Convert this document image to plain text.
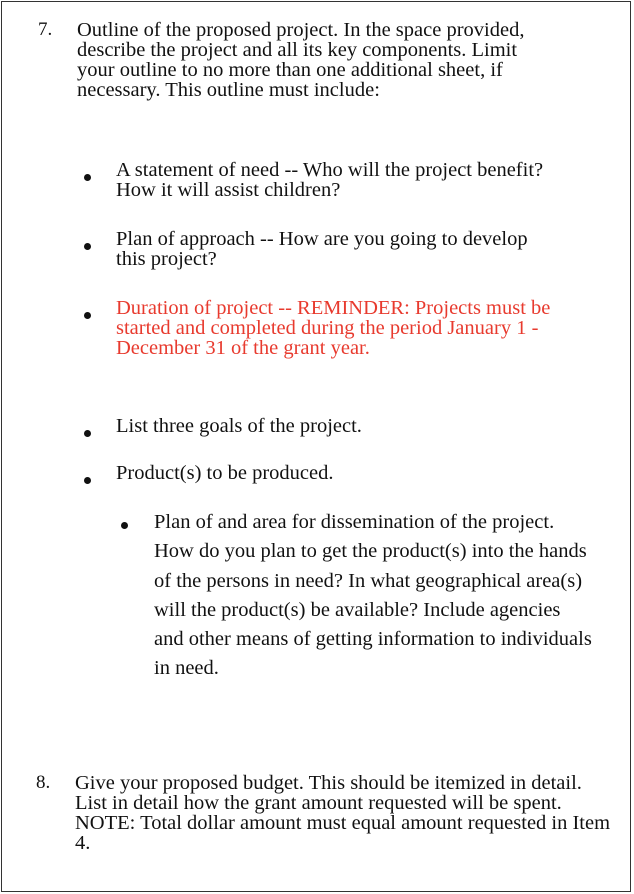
7. Outline of the proposed project. In the space provided, describe the project and all its key components. Limit your outline to no more than one additional sheet, if necessary. This outline must include:
A statement of need -- Who will the project benefit? How it will assist children?
Plan of approach -- How are you going to develop this project?
Duration of project -- REMINDER: Projects must be started and completed during the period January 1 - December 31 of the grant year.
List three goals of the project.
Product(s) to be produced.
Plan of and area for dissemination of the project. How do you plan to get the product(s) into the hands of the persons in need? In what geographical area(s) will the product(s) be available? Include agencies and other means of getting information to individuals in need.
8. Give your proposed budget. This should be itemized in detail. List in detail how the grant amount requested will be spent. NOTE: Total dollar amount must equal amount requested in Item 4.
